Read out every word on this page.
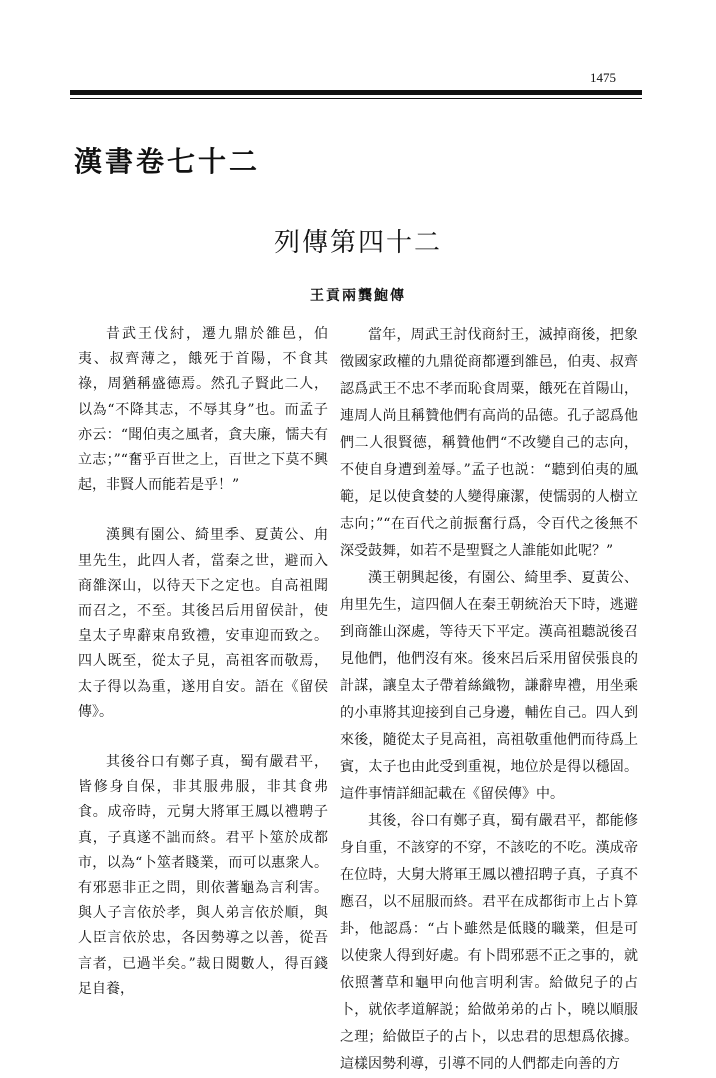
1475
漢書卷七十二
列傳第四十二
王貢兩龔鮑傳

昔武王伐紂，遷九鼎於雒邑，伯夷、叔齊薄之，餓死于首陽，不食其祿，周猶稱盛德焉。然孔子賢此二人，以為“不降其志，不辱其身”也。而孟子亦云：“聞伯夷之風者，貪夫廉，懦夫有立志；”“奮乎百世之上，百世之下莫不興起，非賢人而能若是乎！”

漢興有園公、綺里季、夏黃公、甪里先生，此四人者，當秦之世，避而入商雒深山，以待天下之定也。自高祖聞而召之，不至。其後呂后用留侯計，使皇太子卑辭束帛致禮，安車迎而致之。四人既至，從太子見，高祖客而敬焉，太子得以為重，遂用自安。語在《留侯傳》。

其後谷口有鄭子真，蜀有嚴君平，皆修身自保，非其服弗服，非其食弗食。成帝時，元舅大將軍王鳳以禮聘子真，子真遂不詘而終。君平卜筮於成都市，以為“卜筮者賤業，而可以惠衆人。有邪惡非正之問，則依蓍龜為言利害。與人子言依於孝，與人弟言依於順，與人臣言依於忠，各因勢導之以善，從吾言者，已過半矣。”裁日閱數人，得百錢足自養，

當年，周武王討伐商紂王，滅掉商後，把象徵國家政權的九鼎從商都遷到雒邑，伯夷、叔齊認爲武王不忠不孝而恥食周粟，餓死在首陽山，連周人尚且稱贊他們有高尚的品德。孔子認爲他們二人很賢德，稱贊他們“不改變自己的志向，不使自身遭到羞辱。”孟子也説：“聽到伯夷的風範，足以使貪婪的人變得廉潔，使懦弱的人樹立志向；”“在百代之前振奮行爲，令百代之後無不深受鼓舞，如若不是聖賢之人誰能如此呢？”

漢王朝興起後，有園公、綺里季、夏黃公、甪里先生，這四個人在秦王朝統治天下時，逃避到商雒山深處，等待天下平定。漢高祖聽説後召見他們，他們沒有來。後來呂后采用留侯張良的計謀，讓皇太子帶着絲織物，謙辭卑禮，用坐乘的小車將其迎接到自己身邊，輔佐自己。四人到來後，隨從太子見高祖，高祖敬重他們而待爲上賓，太子也由此受到重視，地位於是得以穩固。這件事情詳細記載在《留侯傳》中。

其後，谷口有鄭子真，蜀有嚴君平，都能修身自重，不該穿的不穿，不該吃的不吃。漢成帝在位時，大舅大將軍王鳳以禮招聘子真，子真不應召，以不屈服而終。君平在成都街市上占卜算卦，他認爲：“占卜雖然是低賤的職業，但是可以使衆人得到好處。有卜問邪惡不正之事的，就依照蓍草和龜甲向他言明利害。給做兒子的占卜，就依孝道解説；給做弟弟的占卜，曉以順服之理；給做臣子的占卜，以忠君的思想爲依據。這樣因勢利導，引導不同的人們都走向善的方
